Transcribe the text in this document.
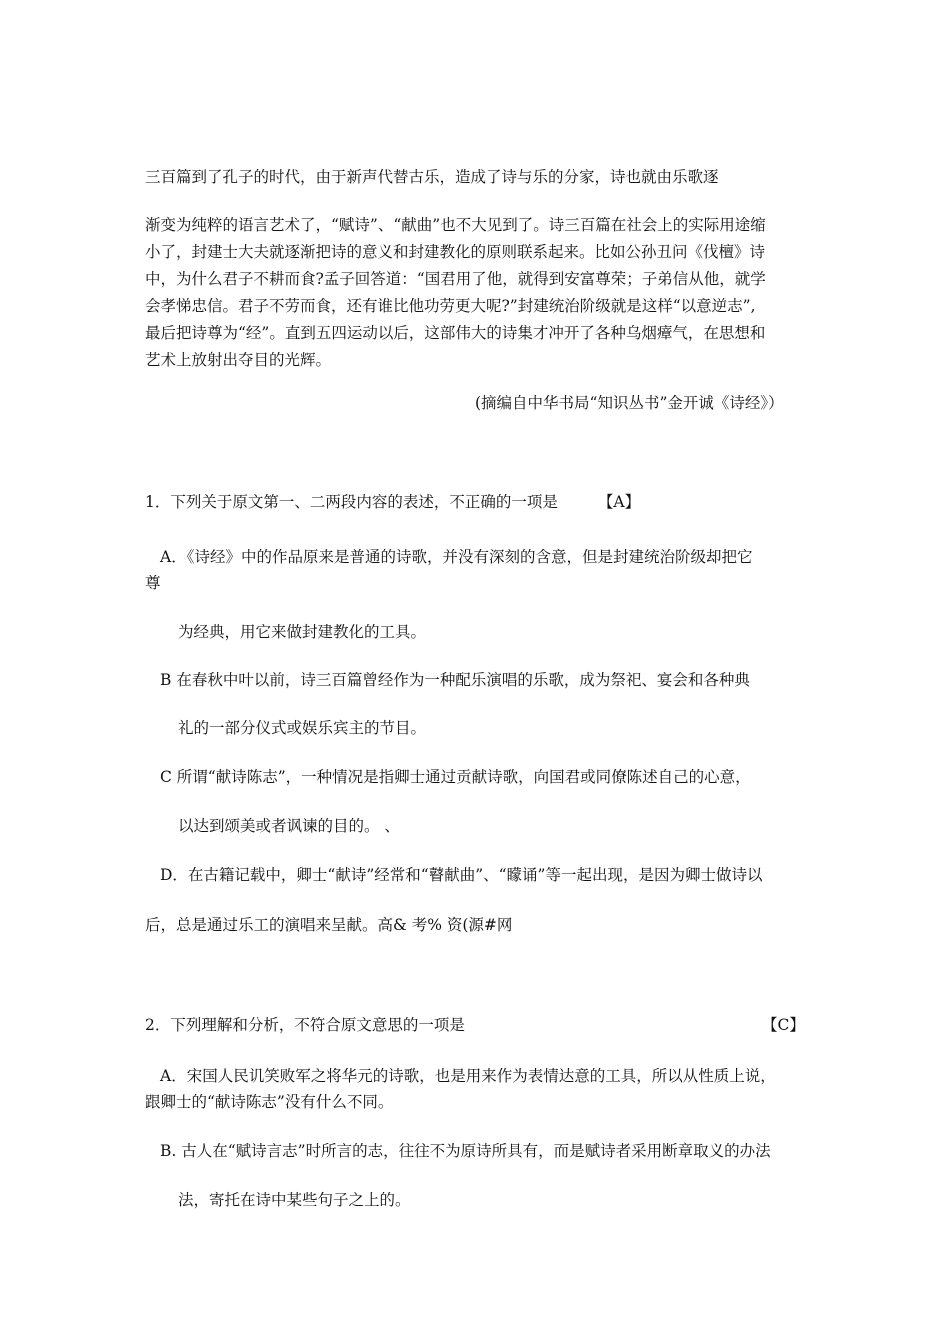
三百篇到了孔子的时代，由于新声代替古乐，造成了诗与乐的分家，诗也就由乐歌逐
渐变为纯粹的语言艺术了，“赋诗”、“献曲”也不大见到了。诗三百篇在社会上的实际用途缩
小了，封建士大夫就逐渐把诗的意义和封建教化的原则联系起来。比如公孙丑问《伐檀》诗
中，为什么君子不耕而食?孟子回答道：“国君用了他，就得到安富尊荣；子弟信从他，就学
会孝悌忠信。君子不劳而食，还有谁比他功劳更大呢?”封建统治阶级就是这样“以意逆志”,
最后把诗尊为“经”。直到五四运动以后，这部伟大的诗集才冲开了各种乌烟瘴气，在思想和
艺术上放射出夺目的光辉。
(摘编自中华书局“知识丛书”金开诚《诗经》）
1．下列关于原文第一、二两段内容的表述，不正确的一项是	【A】
A．《诗经》中的作品原来是普通的诗歌，并没有深刻的含意，但是封建统治阶级却把它
尊
为经典，用它来做封建教化的工具。
B 在春秋中叶以前，诗三百篇曾经作为一种配乐演唱的乐歌，成为祭祀、宴会和各种典
礼的一部分仪式或娱乐宾主的节目。
C 所谓“献诗陈志”，一种情况是指卿士通过贡献诗歌，向国君或同僚陈述自己的心意，
以达到颂美或者讽谏的目的。 、
D．在古籍记载中，卿士“献诗”经常和“瞽献曲”、“矇诵”等一起出现，是因为卿士做诗以
后，总是通过乐工的演唱来呈献。高& 考% 资(源#网
2．下列理解和分析，不符合原文意思的一项是	【C】
A．宋国人民讥笑败军之将华元的诗歌，也是用来作为表情达意的工具，所以从性质上说，
跟卿士的“献诗陈志”没有什么不同。
B. 古人在“赋诗言志”时所言的志，往往不为原诗所具有，而是赋诗者采用断章取义的办法
法，寄托在诗中某些句子之上的。
